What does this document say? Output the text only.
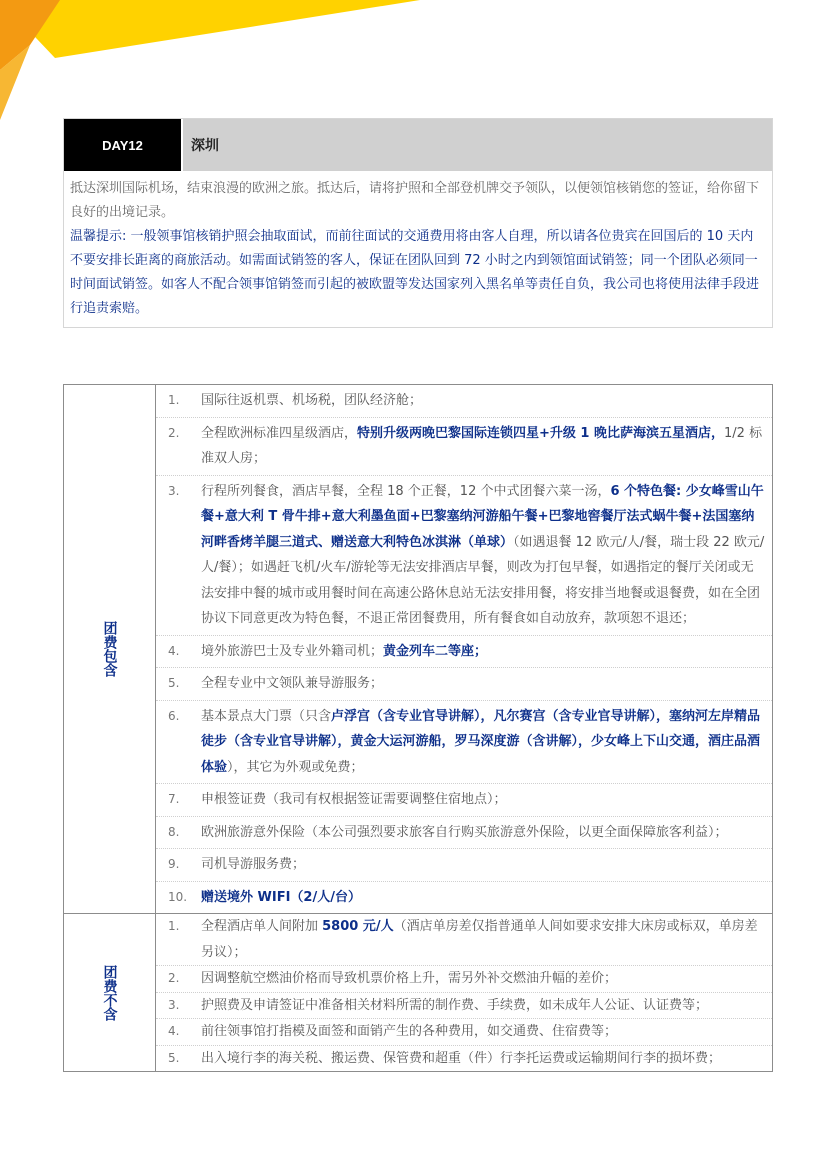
DAY12	深圳
抵达深圳国际机场，结束浪漫的欧洲之旅。抵达后，请将护照和全部登机牌交予领队，以便领馆核销您的签证，给你留下良好的出境记录。
温馨提示: 一般领事馆核销护照会抽取面试，而前往面试的交通费用将由客人自理，所以请各位贵宾在回国后的 10 天内不要安排长距离的商旅活动。如需面试销签的客人，保证在团队回到 72 小时之内到领馆面试销签；同一个团队必须同一时间面试销签。如客人不配合领事馆销签而引起的被欧盟等发达国家列入黑名单等责任自负，我公司也将使用法律手段进行追责索赔。
团费包含
1.	国际往返机票、机场税，团队经济舱；
2.	全程欧洲标准四星级酒店，特别升级两晚巴黎国际连锁四星+升级 1 晚比萨海滨五星酒店，1/2 标准双人房；
3.	行程所列餐食，酒店早餐，全程 18 个正餐，12 个中式团餐六菜一汤，6 个特色餐: 少女峰雪山午餐+意大利 T 骨牛排+意大利墨鱼面+巴黎塞纳河游船午餐+巴黎地窖餐厅法式蜗牛餐+法国塞纳河畔香烤羊腿三道式、赠送意大利特色冰淇淋（单球）（如遇退餐 12 欧元/人/餐，瑞士段 22 欧元/人/餐）；如遇赶飞机/火车/游轮等无法安排酒店早餐，则改为打包早餐，如遇指定的餐厅关闭或无法安排中餐的城市或用餐时间在高速公路休息站无法安排用餐，将安排当地餐或退餐费，如在全团协议下同意更改为特色餐，不退正常团餐费用，所有餐食如自动放弃，款项恕不退还；
4.	境外旅游巴士及专业外籍司机；黄金列车二等座；
5.	全程专业中文领队兼导游服务；
6.	基本景点大门票（只含卢浮宫（含专业官导讲解），凡尔赛宫（含专业官导讲解），塞纳河左岸精品徒步（含专业官导讲解），黄金大运河游船，罗马深度游（含讲解），少女峰上下山交通，酒庄品酒体验），其它为外观或免费；
7.	申根签证费（我司有权根据签证需要调整住宿地点）；
8.	欧洲旅游意外保险（本公司强烈要求旅客自行购买旅游意外保险，以更全面保障旅客利益）；
9.	司机导游服务费；
10.	赠送境外 WIFI（2/人/台）
团费不含
1.	全程酒店单人间附加 5800 元/人（酒店单房差仅指普通单人间如要求安排大床房或标双，单房差另议）；
2.	因调整航空燃油价格而导致机票价格上升，需另外补交燃油升幅的差价；
3.	护照费及申请签证中准备相关材料所需的制作费、手续费，如未成年人公证、认证费等；
4.	前往领事馆打指模及面签和面销产生的各种费用，如交通费、住宿费等；
5.	出入境行李的海关税、搬运费、保管费和超重（件）行李托运费或运输期间行李的损坏费；
